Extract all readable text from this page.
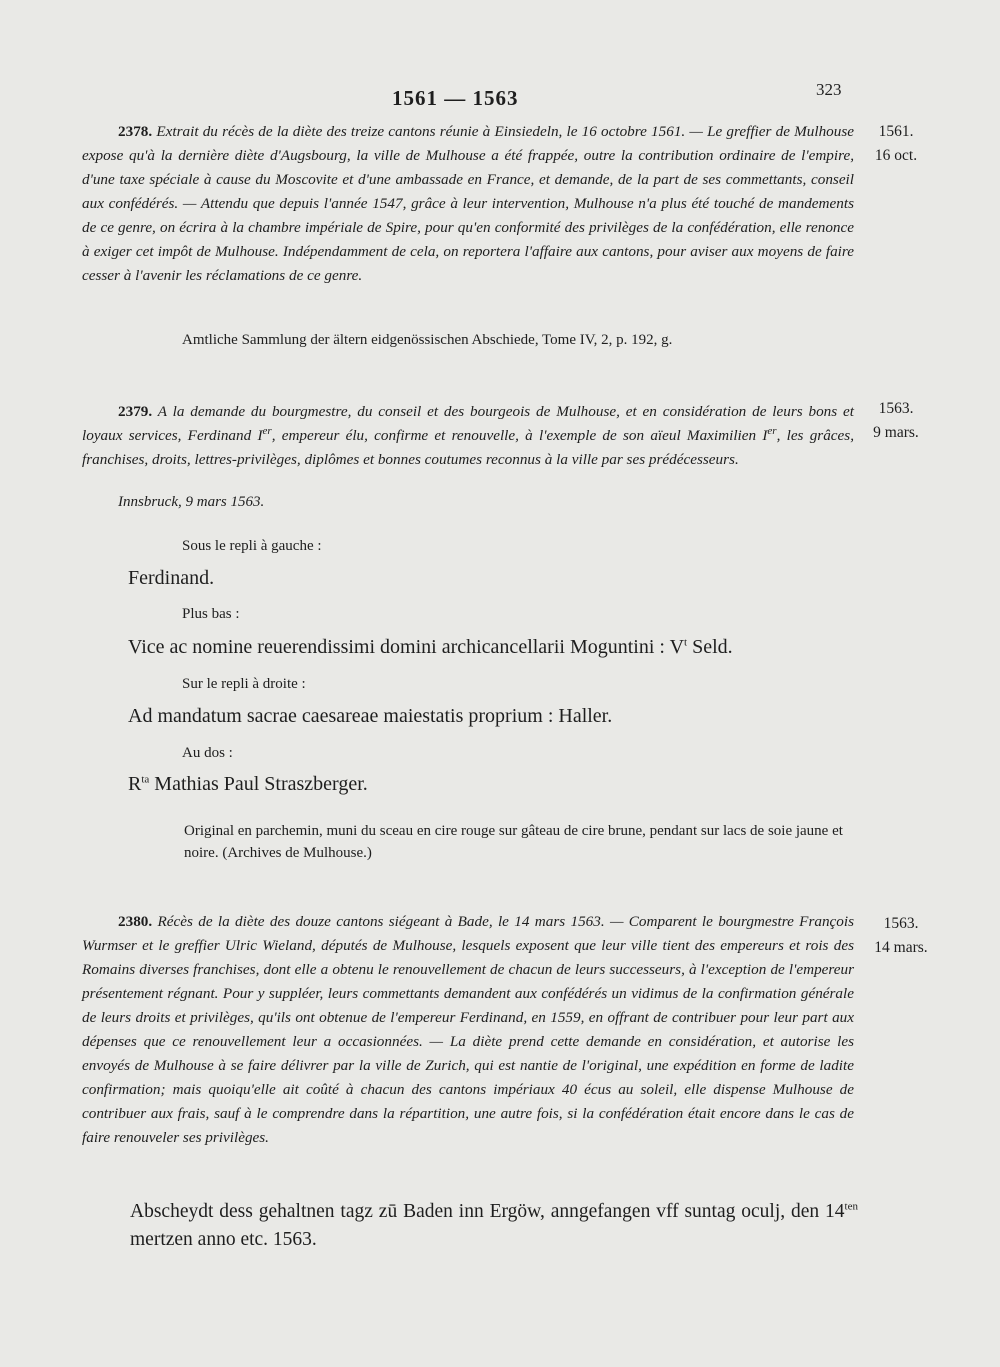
1561 — 1563	323

2378. Extrait du récès de la diète des treize cantons réunie à Einsiedeln, le 16 octobre 1561. — Le greffier de Mulhouse expose qu'à la dernière diète d'Augsbourg, la ville de Mulhouse a été frappée, outre la contribution ordinaire de l'empire, d'une taxe spéciale à cause du Moscovite et d'une ambassade en France, et demande, de la part de ses commettants, conseil aux confédérés. — Attendu que depuis l'année 1547, grâce à leur intervention, Mulhouse n'a plus été touché de mandements de ce genre, on écrira à la chambre impériale de Spire, pour qu'en conformité des privilèges de la confédération, elle renonce à exiger cet impôt de Mulhouse. Indépendamment de cela, on reportera l'affaire aux cantons, pour aviser aux moyens de faire cesser à l'avenir les réclamations de ce genre.

1561.
16 oct.
Amtliche Sammlung der ältern eidgenössischen Abschiede, Tome IV, 2, p. 192, g.

2379. A la demande du bourgmestre, du conseil et des bourgeois de Mulhouse, et en considération de leurs bons et loyaux services, Ferdinand Ier, empereur élu, confirme et renouvelle, à l'exemple de son aïeul Maximilien Ier, les grâces, franchises, droits, lettres-privilèges, diplômes et bonnes coutumes reconnus à la ville par ses prédécesseurs.

1563.
9 mars.
Innsbruck, 9 mars 1563.
Sous le repli à gauche :
Ferdinand.
Plus bas :
Vice ac nomine reuerendissimi domini archicancellarii Moguntini : $V^t$ Seld.
Sur le repli à droite :
Ad mandatum sacrae caesareae maiestatis proprium : Haller.
Au dos :
$R^{ta}$ Mathias Paul Straszberger.
Original en parchemin, muni du sceau en cire rouge sur gâteau de cire brune, pendant sur lacs de soie jaune et noire. (Archives de Mulhouse.)

2380. Récès de la diète des douze cantons siégeant à Bade, le 14 mars 1563. — Comparent le bourgmestre François Wurmser et le greffier Ulric Wieland, députés de Mulhouse, lesquels exposent que leur ville tient des empereurs et rois des Romains diverses franchises, dont elle a obtenu le renouvellement de chacun de leurs successeurs, à l'exception de l'empereur présentement régnant. Pour y suppléer, leurs commettants demandent aux confédérés un vidimus de la confirmation générale de leurs droits et privilèges, qu'ils ont obtenue de l'empereur Ferdinand, en 1559, en offrant de contribuer pour leur part aux dépenses que ce renouvellement leur a occasionnées. — La diète prend cette demande en considération, et autorise les envoyés de Mulhouse à se faire délivrer par la ville de Zurich, qui est nantie de l'original, une expédition en forme de ladite confirmation; mais quoiqu'elle ait coûté à chacun des cantons impériaux 40 écus au soleil, elle dispense Mulhouse de contribuer aux frais, sauf à le comprendre dans la répartition, une autre fois, si la confédération était encore dans le cas de faire renouveler ses privilèges.

1563.
14 mars.
Abscheydt dess gehaltnen tagz zū Baden inn Ergöw, anngefangen vff suntag oculj, den $14^{ten}$ mertzen anno etc. 1563.
